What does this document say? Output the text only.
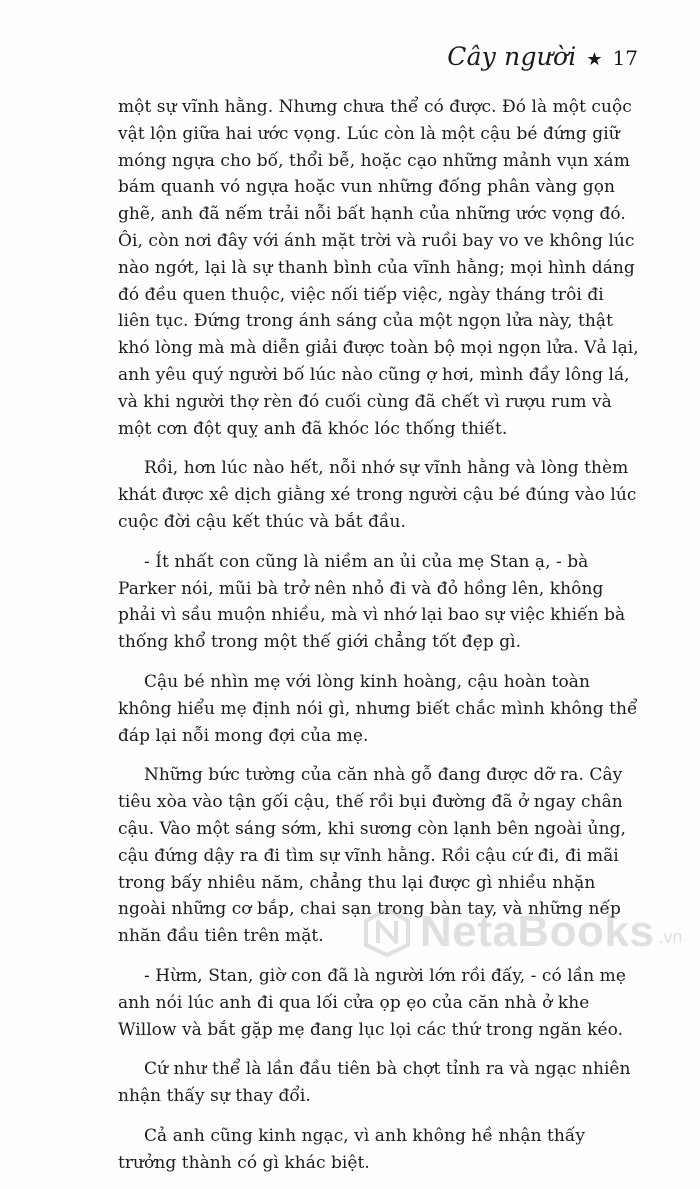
Cây người ★ 17

một sự vĩnh hằng. Nhưng chưa thể có được. Đó là một cuộc vật lộn giữa hai ước vọng. Lúc còn là một cậu bé đứng giữ móng ngựa cho bố, thổi bễ, hoặc cạo những mảnh vụn xám bám quanh vó ngựa hoặc vun những đống phân vàng gọn ghẽ, anh đã nếm trải nỗi bất hạnh của những ước vọng đó. Ôi, còn nơi đây với ánh mặt trời và ruồi bay vo ve không lúc nào ngớt, lại là sự thanh bình của vĩnh hằng; mọi hình dáng đó đều quen thuộc, việc nối tiếp việc, ngày tháng trôi đi liên tục. Đứng trong ánh sáng của một ngọn lửa này, thật khó lòng mà mà diễn giải được toàn bộ mọi ngọn lửa. Vả lại, anh yêu quý người bố lúc nào cũng ợ hơi, mình đầy lông lá, và khi người thợ rèn đó cuối cùng đã chết vì rượu rum và một cơn đột quỵ anh đã khóc lóc thống thiết.

Rồi, hơn lúc nào hết, nỗi nhớ sự vĩnh hằng và lòng thèm khát được xê dịch giằng xé trong người cậu bé đúng vào lúc cuộc đời cậu kết thúc và bắt đầu.

- Ít nhất con cũng là niềm an ủi của mẹ Stan ạ, - bà Parker nói, mũi bà trở nên nhỏ đi và đỏ hồng lên, không phải vì sầu muộn nhiều, mà vì nhớ lại bao sự việc khiến bà thống khổ trong một thế giới chẳng tốt đẹp gì.

Cậu bé nhìn mẹ với lòng kinh hoàng, cậu hoàn toàn không hiểu mẹ định nói gì, nhưng biết chắc mình không thể đáp lại nỗi mong đợi của mẹ.

Những bức tường của căn nhà gỗ đang được dỡ ra. Cây tiêu xòa vào tận gối cậu, thế rồi bụi đường đã ở ngay chân cậu. Vào một sáng sớm, khi sương còn lạnh bên ngoài ủng, cậu đứng dậy ra đi tìm sự vĩnh hằng. Rồi cậu cứ đi, đi mãi trong bấy nhiêu năm, chẳng thu lại được gì nhiều nhặn ngoài những cơ bắp, chai sạn trong bàn tay, và những nếp nhăn đầu tiên trên mặt.

- Hừm, Stan, giờ con đã là người lớn rồi đấy, - có lần mẹ anh nói lúc anh đi qua lối cửa ọp ẹo của căn nhà ở khe Willow và bắt gặp mẹ đang lục lọi các thứ trong ngăn kéo.

Cứ như thể là lần đầu tiên bà chợt tỉnh ra và ngạc nhiên nhận thấy sự thay đổi.

Cả anh cũng kinh ngạc, vì anh không hề nhận thấy trưởng thành có gì khác biệt.

NetaBooks .vn
